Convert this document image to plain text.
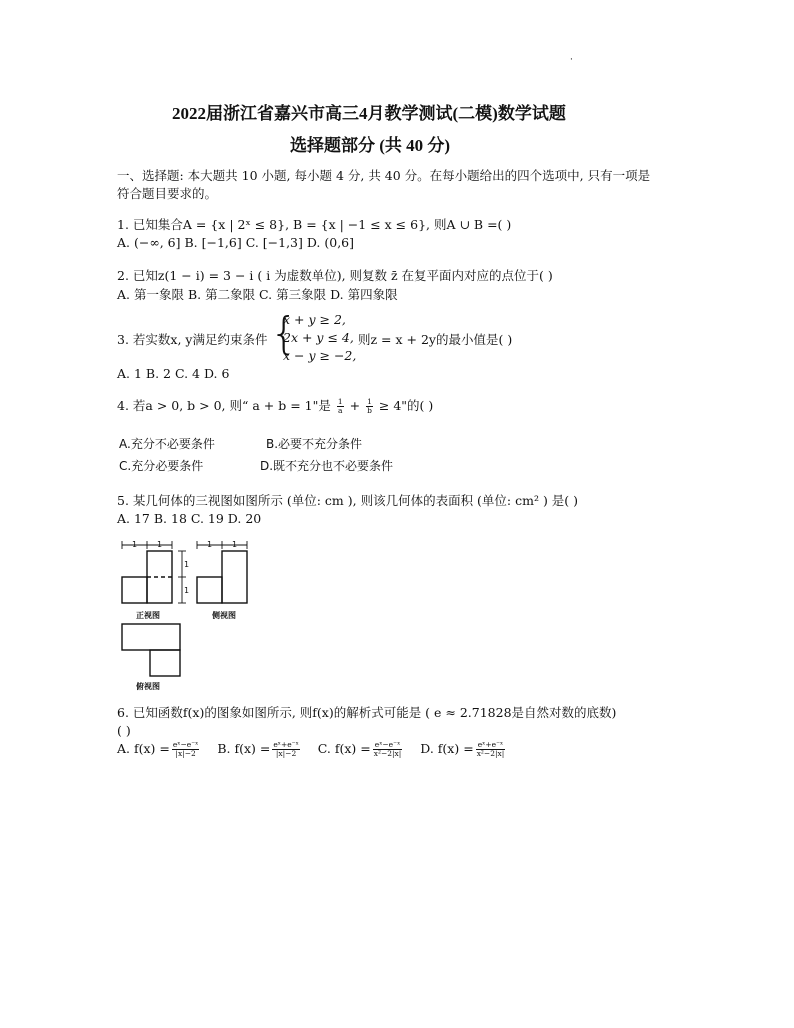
·
2022届浙江省嘉兴市高三4月教学测试(二模)数学试题
选择题部分 (共 40 分)
一、选择题: 本大题共 10 小题, 每小题 4 分, 共 40 分。在每小题给出的四个选项中, 只有一项是
符合题目要求的。
1. 已知集合A = {x | 2ˣ ≤ 8}, B = {x | −1 ≤ x ≤ 6}, 则A ∪ B =( )
A. (−∞, 6] B. [−1,6] C. [−1,3] D. (0,6]
2. 已知z(1 − i) = 3 − i ( i 为虚数单位), 则复数 z̄ 在复平面内对应的点位于( )
A. 第一象限 B. 第二象限 C. 第三象限 D. 第四象限
3. 若实数x, y满足约束条件 {
x + y ≥ 2,
2x + y ≤ 4,
x − y ≥ −2,
则z = x + 2y的最小值是( )
A. 1 B. 2 C. 4 D. 6
4. 若a > 0, b > 0, 则“ a + b = 1"是 $\frac{1}{a} + \frac{1}{b} \ge 4$"的( )
A.充分不必要条件	B.必要不充分条件
C.充分必要条件	D.既不充分也不必要条件
5. 某几何体的三视图如图所示 (单位: cm ), 则该几何体的表面积 (单位: cm² ) 是( )
A. 17 B. 18 C. 19 D. 20
1 1	1 1
1
1
正视图	侧视图
俯视图
6. 已知函数f(x)的图象如图所示, 则f(x)的解析式可能是 ( e ≈ 2.71828是自然对数的底数)
( )
A. $f(x) = \frac{\text{eˣ−e⁻ˣ}}{|x|-2} B$. $f(x) = \frac{\text{eˣ+e⁻ˣ}}{|x|-2} C$. $f(x) = \frac{\text{eˣ−e⁻ˣ}}{\text{x²−2|x|}} D$. $f(x) = \frac{\text{eˣ+e⁻ˣ}}{\text{x²−2|x|}}$
